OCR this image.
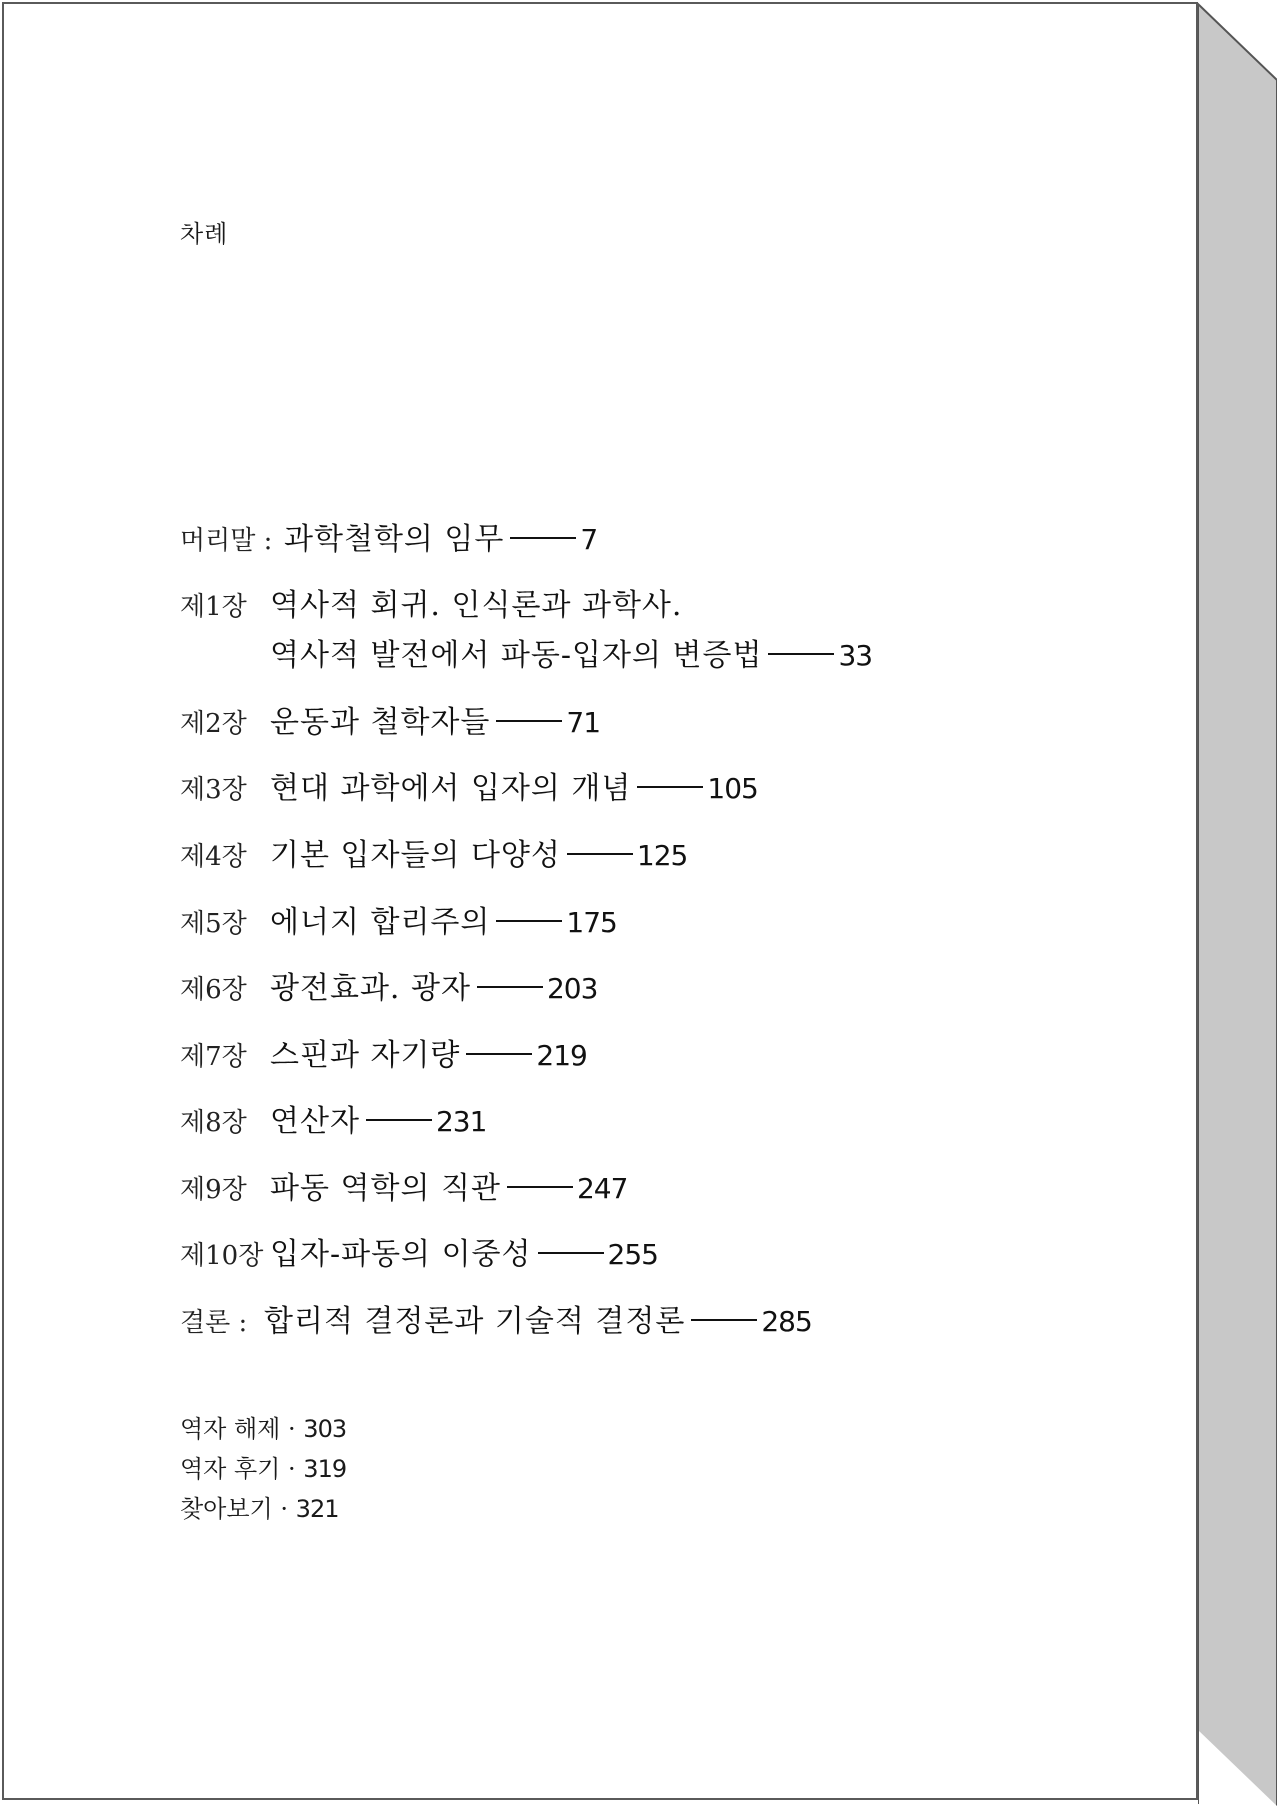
차례
머리말 : 과학철학의 임무	7
제1장 역사적 회귀. 인식론과 과학사.
역사적 발전에서 파동-입자의 변증법	33
제2장 운동과 철학자들	71
제3장 현대 과학에서 입자의 개념	105
제4장 기본 입자들의 다양성	125
제5장 에너지 합리주의	175
제6장 광전효과. 광자	203
제7장 스핀과 자기량	219
제8장 연산자	231
제9장 파동 역학의 직관	247
제10장 입자-파동의 이중성	255
결론 : 합리적 결정론과 기술적 결정론	285
역자 해제 · 303
역자 후기 · 319
찾아보기 · 321
